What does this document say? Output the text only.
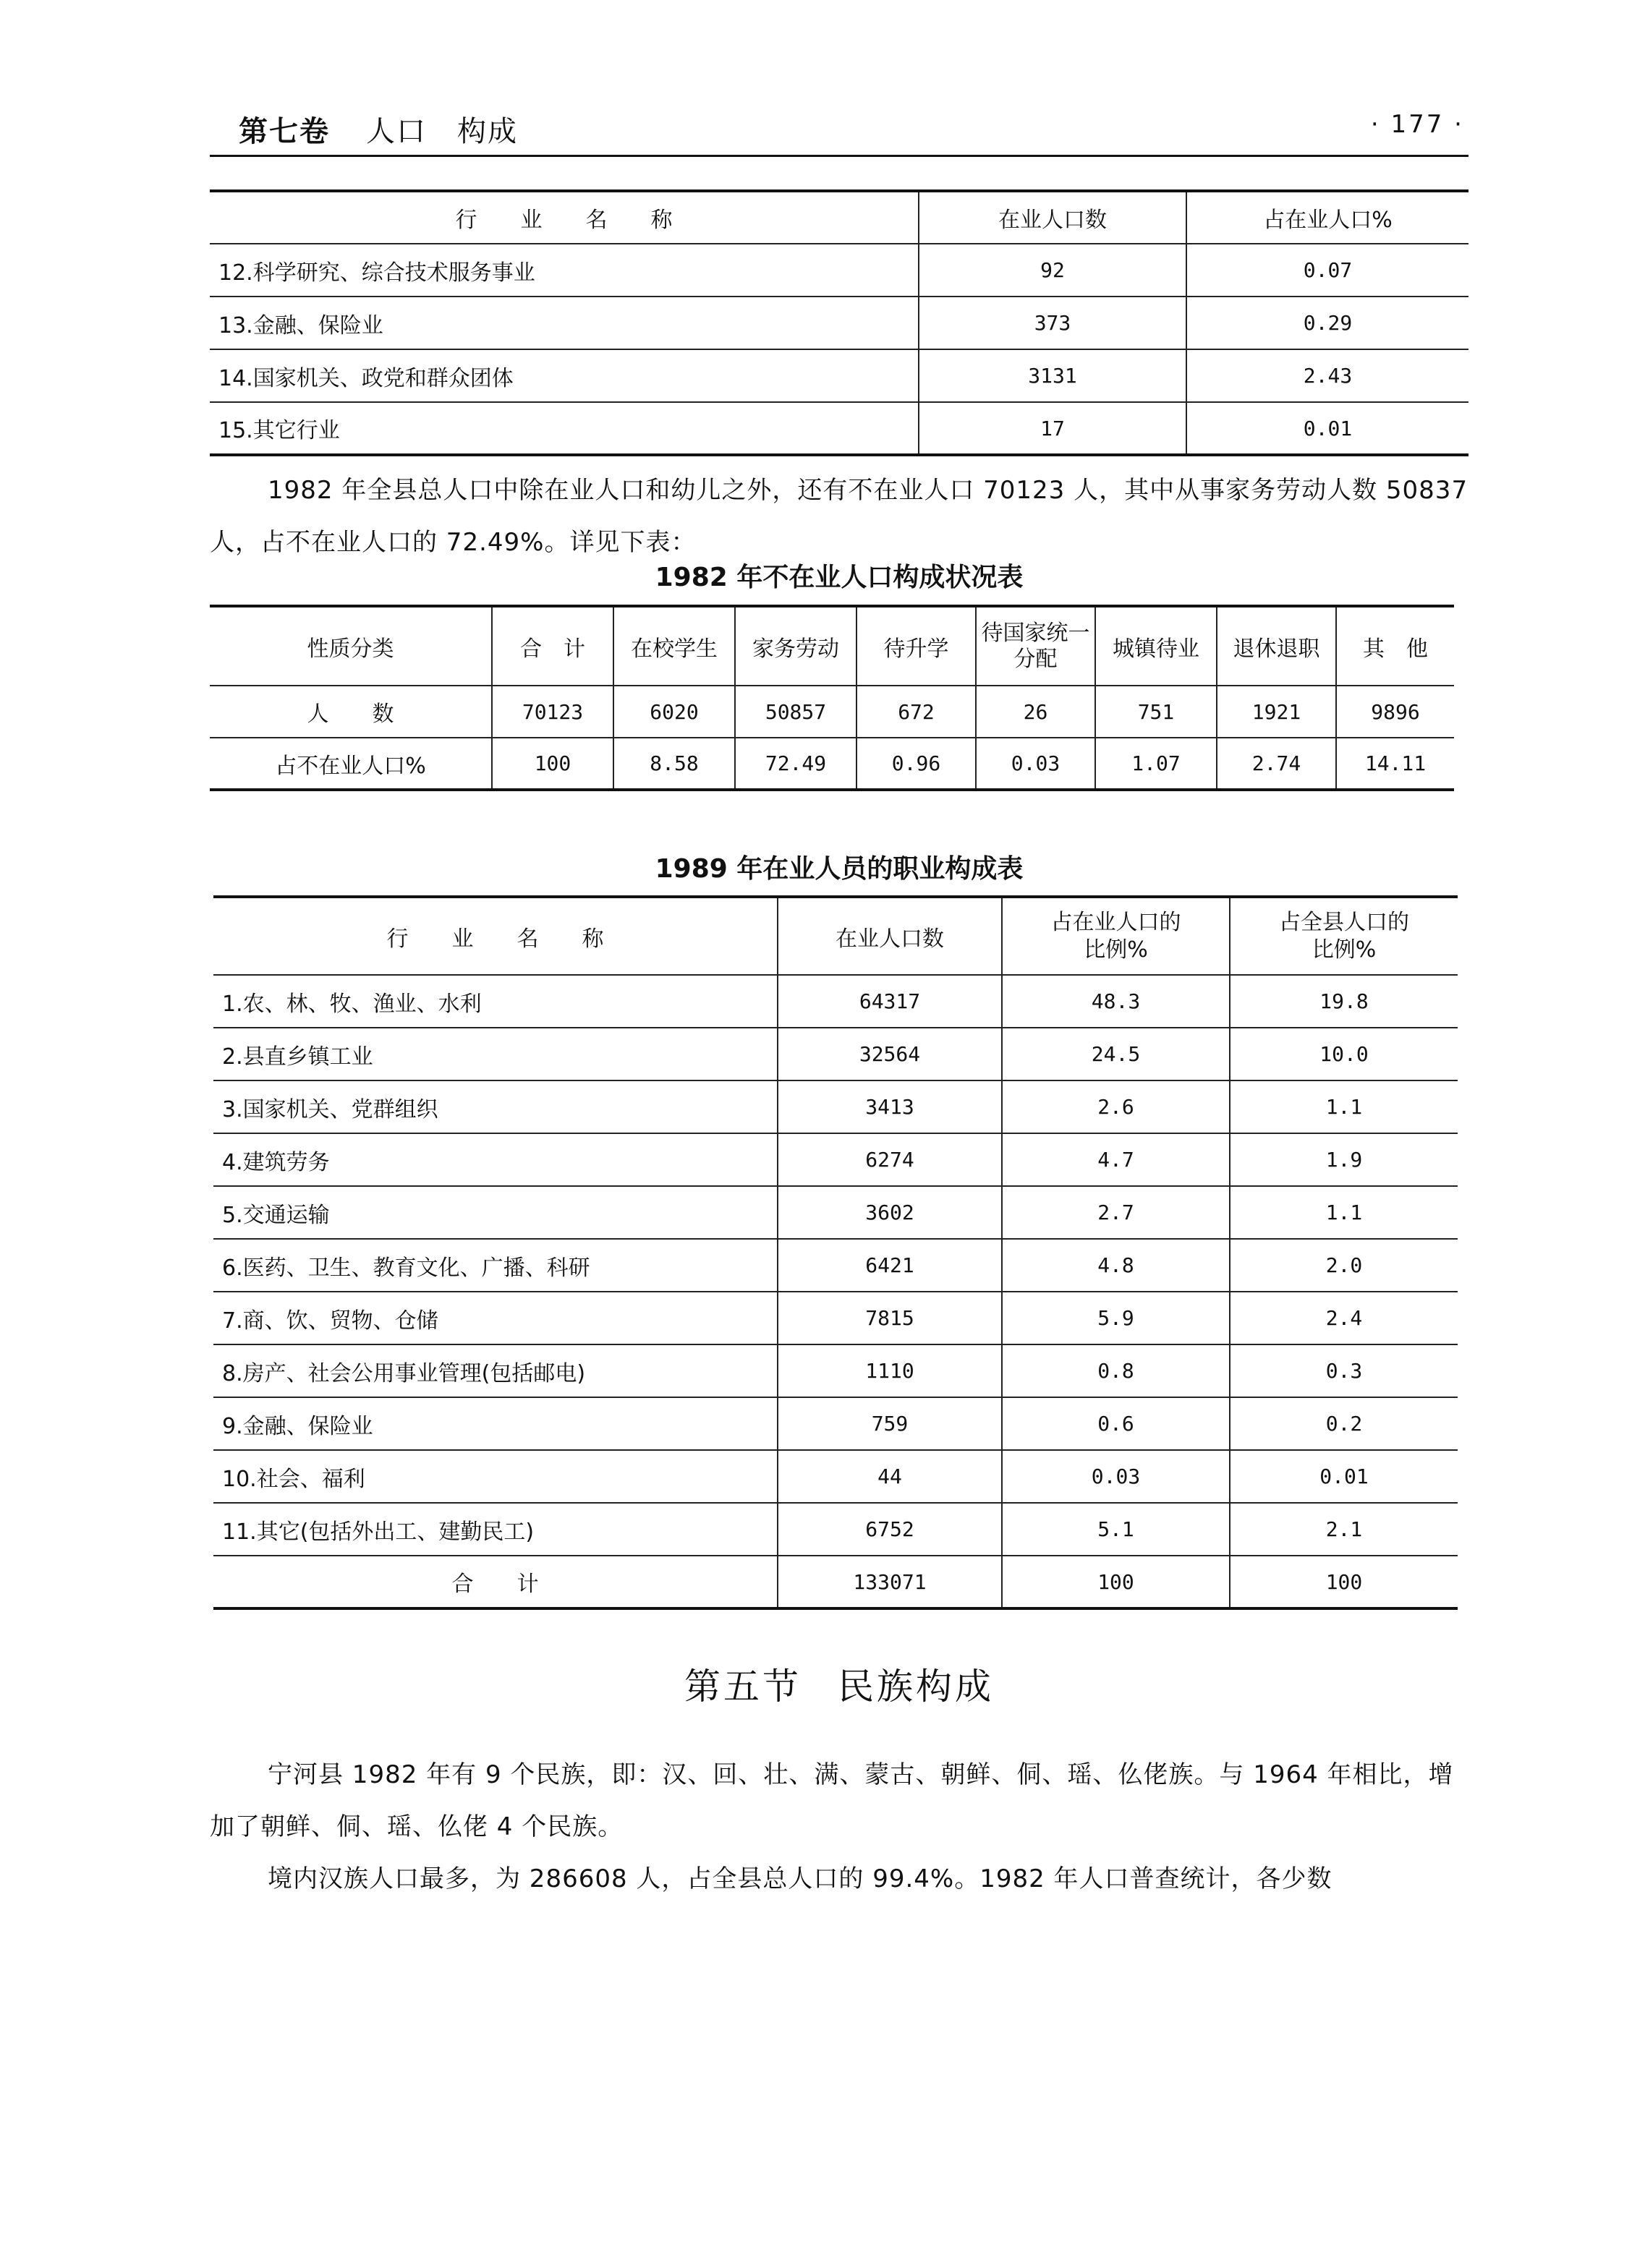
第七卷 人口　构成	· 177 ·
行　　业　　名　　称	在业人口数	占在业人口%
12.科学研究、综合技术服务事业	92	0.07
13.金融、保险业	373	0.29
14.国家机关、政党和群众团体	3131	2.43
15.其它行业	17	0.01
1982 年全县总人口中除在业人口和幼儿之外，还有不在业人口 70123 人，其中从事家务劳动人数 50837 人，占不在业人口的 72.49%。详见下表：
1982 年不在业人口构成状况表
性质分类	合　计	在校学生	家务劳动	待升学	待国家统一分配	城镇待业	退休退职	其　他
人　　数	70123	6020	50857	672	26	751	1921	9896
占不在业人口%	100	8.58	72.49	0.96	0.03	1.07	2.74	14.11
1989 年在业人员的职业构成表
行　　业　　名　　称	在业人口数	占在业人口的比例%	占全县人口的比例%
1.农、林、牧、渔业、水利	64317	48.3	19.8
2.县直乡镇工业	32564	24.5	10.0
3.国家机关、党群组织	3413	2.6	1.1
4.建筑劳务	6274	4.7	1.9
5.交通运输	3602	2.7	1.1
6.医药、卫生、教育文化、广播、科研	6421	4.8	2.0
7.商、饮、贸物、仓储	7815	5.9	2.4
8.房产、社会公用事业管理(包括邮电)	1110	0.8	0.3
9.金融、保险业	759	0.6	0.2
10.社会、福利	44	0.03	0.01
11.其它(包括外出工、建勤民工)	6752	5.1	2.1
合　　计	133071	100	100
第五节 民族构成
宁河县 1982 年有 9 个民族，即：汉、回、壮、满、蒙古、朝鲜、侗、瑶、仫佬族。与 1964 年相比，增加了朝鲜、侗、瑶、仫佬 4 个民族。
境内汉族人口最多，为 286608 人，占全县总人口的 99.4%。1982 年人口普查统计，各少数
